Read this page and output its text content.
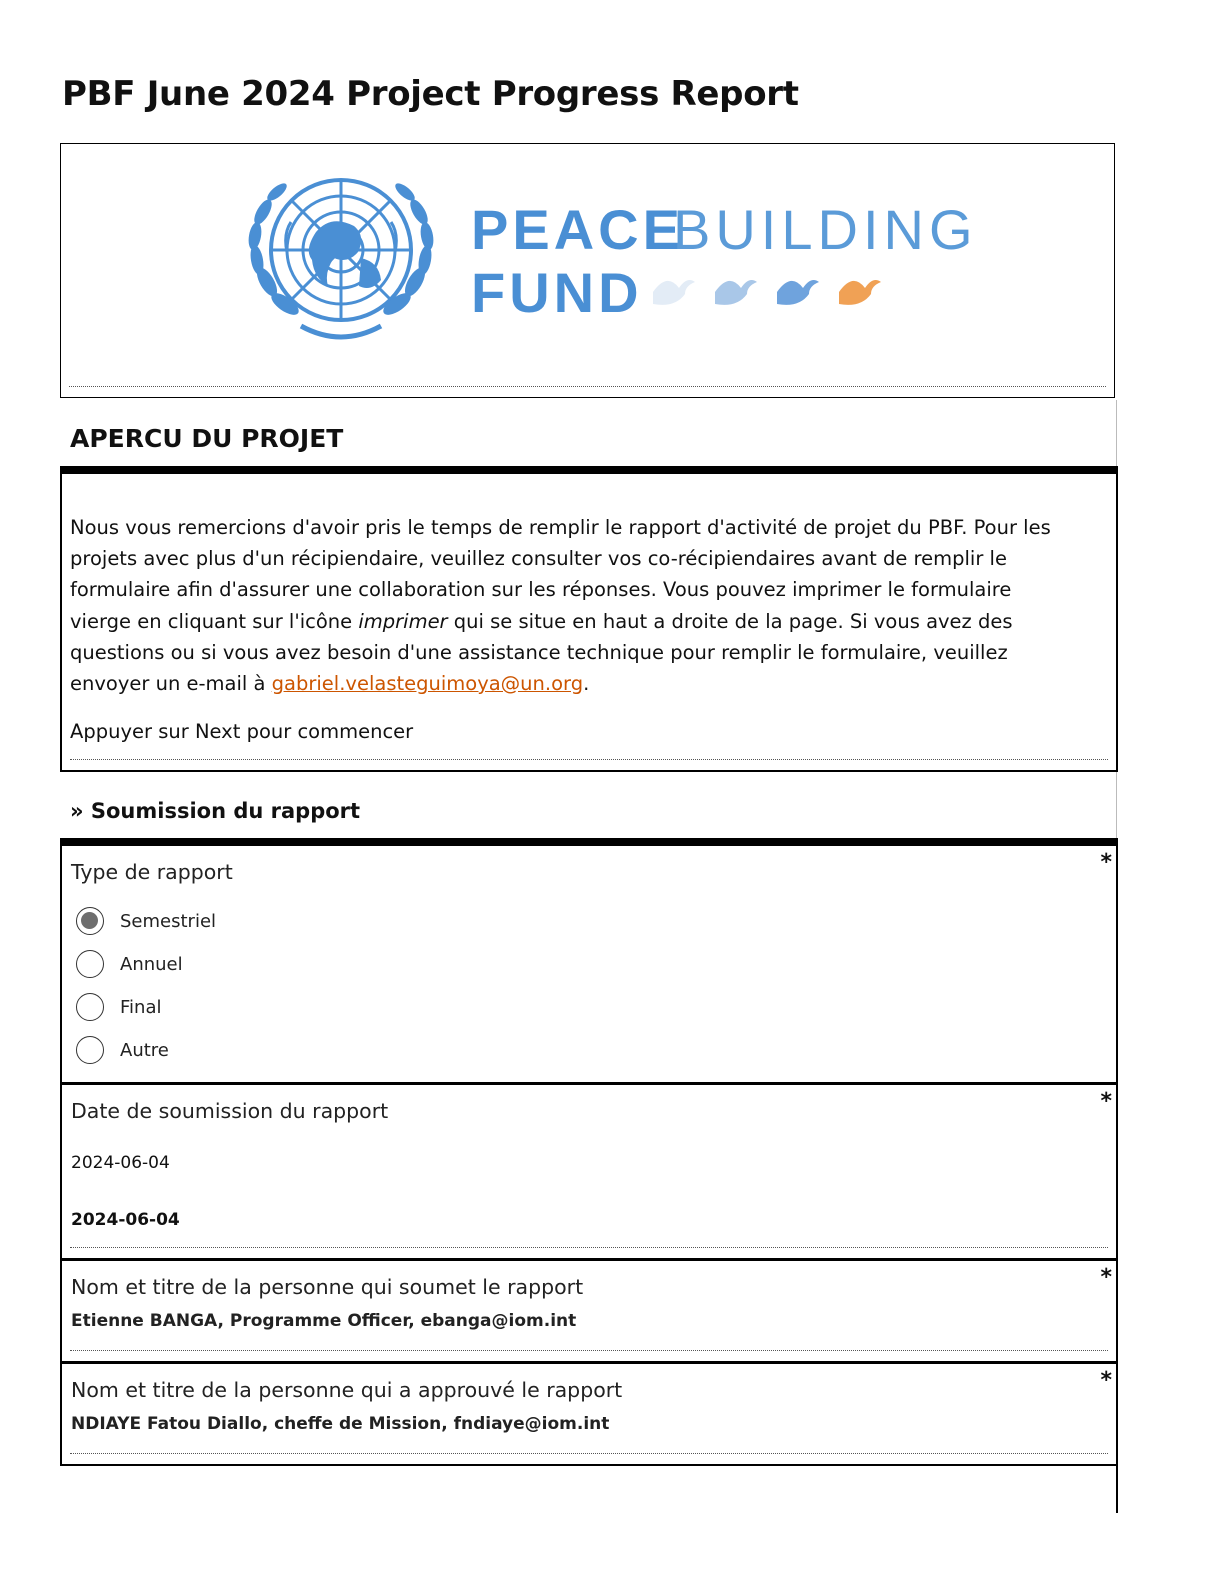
PBF June 2024 Project Progress Report
PEACE
BUILDING
FUND
APERCU DU PROJET

Nous vous remercions d'avoir pris le temps de remplir le rapport d'activité de projet du PBF. Pour les projets avec plus d'un récipiendaire, veuillez consulter vos co-récipiendaires avant de remplir le formulaire afin d'assurer une collaboration sur les réponses. Vous pouvez imprimer le formulaire vierge en cliquant sur l'icône imprimer qui se situe en haut a droite de la page. Si vous avez des questions ou si vous avez besoin d'une assistance technique pour remplir le formulaire, veuillez envoyer un e-mail à gabriel.velasteguimoya@un.org.

Appuyer sur Next pour commencer

» Soumission du rapport
*

Type de rapport

Semestriel
Annuel
Final
Autre
*

Date de soumission du rapport

2024-06-04

2024-06-04

*

Nom et titre de la personne qui soumet le rapport

Etienne BANGA, Programme Officer, ebanga@iom.int

*

Nom et titre de la personne qui a approuvé le rapport

NDIAYE Fatou Diallo, cheffe de Mission, fndiaye@iom.int
